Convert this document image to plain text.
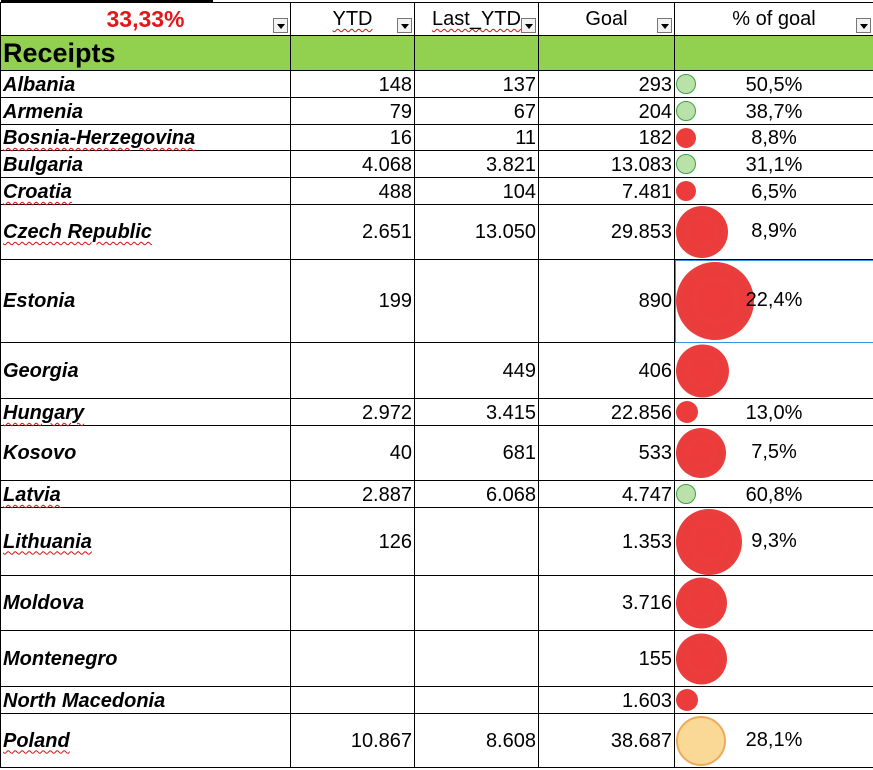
33,33%	YTD	Last_YTD	Goal	% of goal

Receipts				
Albania	148	137	293	50,5%
Armenia	79	67	204	38,7%
Bosnia-Herzegovina	16	11	182	8,8%
Bulgaria	4.068	3.821	13.083	31,1%
Croatia	488	104	7.481	6,5%
Czech Republic	2.651	13.050	29.853	8,9%
Estonia	199		890	22,4%
Georgia		449	406	

Hungary	2.972	3.415	22.856	13,0%
Kosovo	40	681	533	7,5%
Latvia	2.887	6.068	4.747	60,8%
Lithuania	126		1.353	9,3%
Moldova			3.716	

Montenegro			155	

North Macedonia			1.603	

Poland	10.867	8.608	38.687	28,1%
